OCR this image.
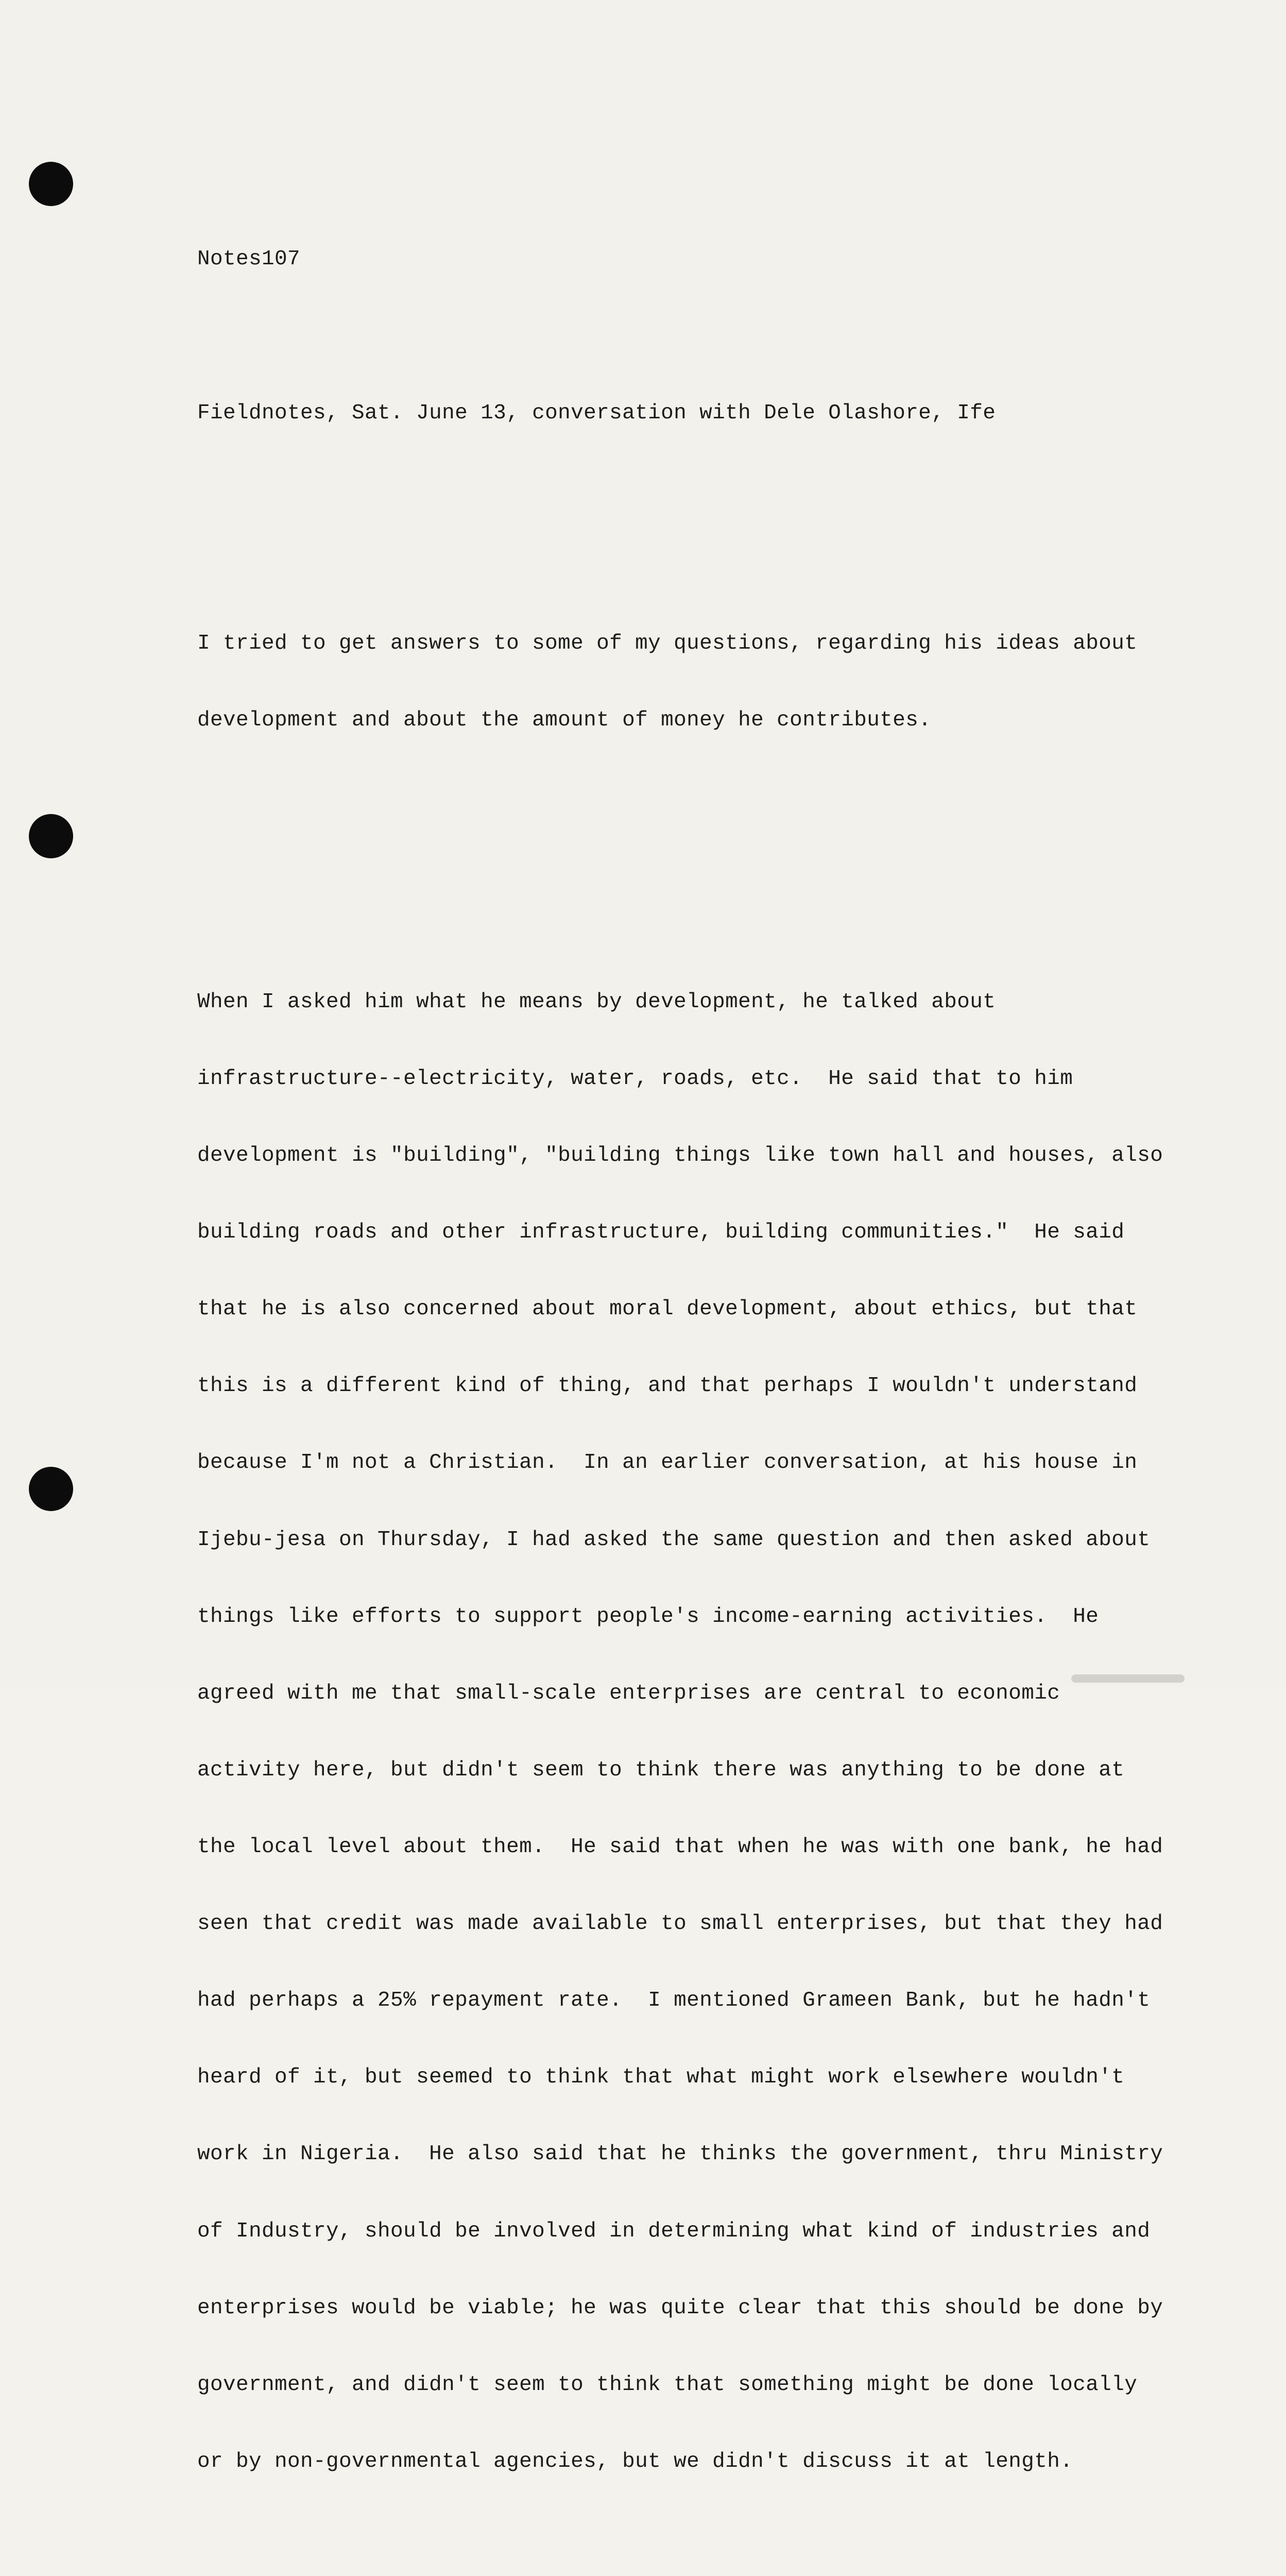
Notes107

Fieldnotes, Sat. June 13, conversation with Dele Olashore, Ife

I tried to get answers to some of my questions, regarding his ideas about

development and about the amount of money he contributes.

When I asked him what he means by development, he talked about

infrastructure--electricity, water, roads, etc.  He said that to him

development is "building", "building things like town hall and houses, also

building roads and other infrastructure, building communities."  He said

that he is also concerned about moral development, about ethics, but that

this is a different kind of thing, and that perhaps I wouldn't understand

because I'm not a Christian.  In an earlier conversation, at his house in

Ijebu-jesa on Thursday, I had asked the same question and then asked about

things like efforts to support people's income-earning activities.  He

agreed with me that small-scale enterprises are central to economic

activity here, but didn't seem to think there was anything to be done at

the local level about them.  He said that when he was with one bank, he had

seen that credit was made available to small enterprises, but that they had

had perhaps a 25% repayment rate.  I mentioned Grameen Bank, but he hadn't

heard of it, but seemed to think that what might work elsewhere wouldn't

work in Nigeria.  He also said that he thinks the government, thru Ministry

of Industry, should be involved in determining what kind of industries and

enterprises would be viable; he was quite clear that this should be done by

government, and didn't seem to think that something might be done locally

or by non-governmental agencies, but we didn't discuss it at length.
